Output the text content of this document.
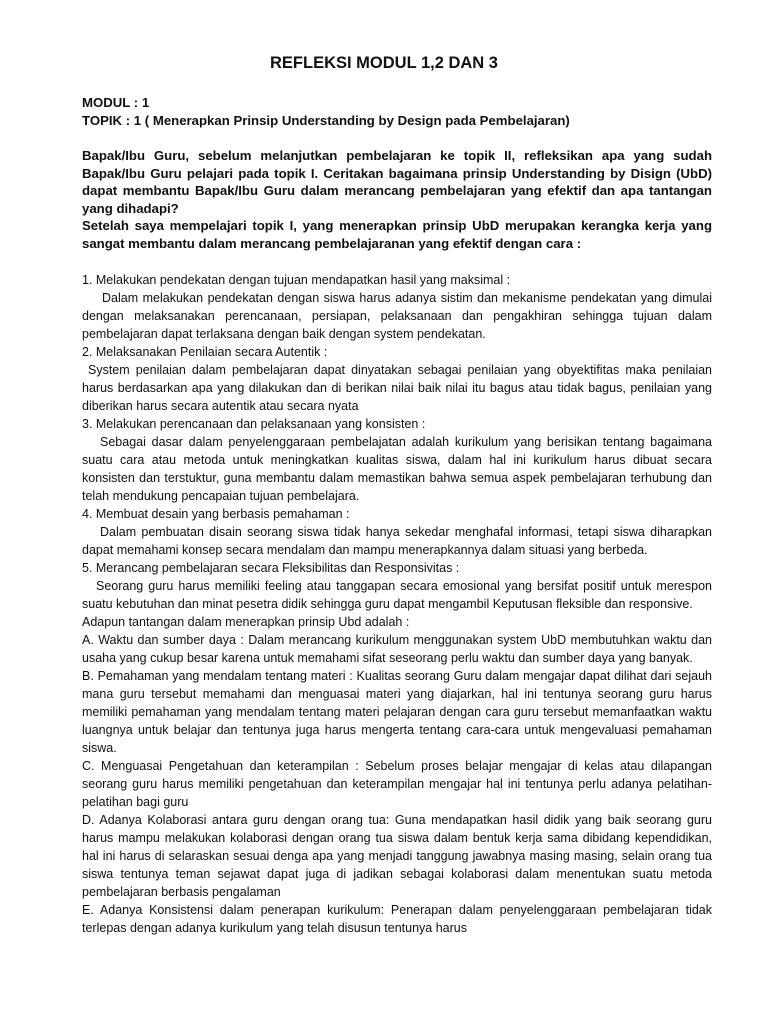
REFLEKSI MODUL 1,2 DAN 3
MODUL : 1
TOPIK : 1 ( Menerapkan Prinsip Understanding by Design pada Pembelajaran)

Bapak/Ibu Guru, sebelum melanjutkan pembelajaran ke topik II, refleksikan apa yang sudah Bapak/Ibu Guru pelajari pada topik I. Ceritakan bagaimana prinsip Understanding by Disign (UbD) dapat membantu Bapak/Ibu Guru dalam merancang pembelajaran yang efektif dan apa tantangan yang dihadapi?

Setelah saya mempelajari topik I, yang menerapkan prinsip UbD merupakan kerangka kerja yang sangat membantu dalam merancang pembelajaranan yang efektif dengan cara :

1. Melakukan pendekatan dengan tujuan mendapatkan hasil yang maksimal :

Dalam melakukan pendekatan dengan siswa harus adanya sistim dan mekanisme pendekatan yang dimulai dengan melaksanakan perencanaan, persiapan, pelaksanaan dan pengakhiran sehingga tujuan dalam pembelajaran dapat terlaksana dengan baik dengan system pendekatan.

2. Melaksanakan Penilaian secara Autentik :

System penilaian dalam pembelajaran dapat dinyatakan sebagai penilaian yang obyektifitas maka penilaian harus berdasarkan apa yang dilakukan dan di berikan nilai baik nilai itu bagus atau tidak bagus, penilaian yang diberikan harus secara autentik atau secara nyata

3. Melakukan perencanaan dan pelaksanaan yang konsisten :

Sebagai dasar dalam penyelenggaraan pembelajatan adalah kurikulum yang berisikan tentang bagaimana suatu cara atau metoda untuk meningkatkan kualitas siswa, dalam hal ini kurikulum harus dibuat secara konsisten dan terstuktur, guna membantu dalam memastikan bahwa semua aspek pembelajaran terhubung dan telah mendukung pencapaian tujuan pembelajara.

4. Membuat desain yang berbasis pemahaman :

Dalam pembuatan disain seorang siswa tidak hanya sekedar menghafal informasi, tetapi siswa diharapkan dapat memahami konsep secara mendalam dan mampu menerapkannya dalam situasi yang berbeda.

5. Merancang pembelajaran secara Fleksibilitas dan Responsivitas :

Seorang guru harus memiliki feeling atau tanggapan secara emosional yang bersifat positif untuk merespon suatu kebutuhan dan minat pesetra didik sehingga guru dapat mengambil Keputusan fleksible dan responsive.

Adapun tantangan dalam menerapkan prinsip Ubd adalah :

A. Waktu dan sumber daya : Dalam merancang kurikulum menggunakan system UbD membutuhkan waktu dan usaha yang cukup besar karena untuk memahami sifat seseorang perlu waktu dan sumber daya yang banyak.

B. Pemahaman yang mendalam tentang materi : Kualitas seorang Guru dalam mengajar dapat dilihat dari sejauh mana guru tersebut memahami dan menguasai materi yang diajarkan, hal ini tentunya seorang guru harus memiliki pemahaman yang mendalam tentang materi pelajaran dengan cara guru tersebut memanfaatkan waktu luangnya untuk belajar dan tentunya juga harus mengerta tentang cara-cara untuk mengevaluasi pemahaman siswa.

C. Menguasai Pengetahuan dan keterampilan : Sebelum proses belajar mengajar di kelas atau dilapangan seorang guru harus memiliki pengetahuan dan keterampilan mengajar hal ini tentunya perlu adanya pelatihan-pelatihan bagi guru

D. Adanya Kolaborasi antara guru dengan orang tua: Guna mendapatkan hasil didik yang baik seorang guru harus mampu melakukan kolaborasi dengan orang tua siswa dalam bentuk kerja sama dibidang kependidikan, hal ini harus di selaraskan sesuai denga apa yang menjadi tanggung jawabnya masing masing, selain orang tua siswa tentunya teman sejawat dapat juga di jadikan sebagai kolaborasi dalam menentukan suatu metoda pembelajaran berbasis pengalaman

E. Adanya Konsistensi dalam penerapan kurikulum: Penerapan dalam penyelenggaraan pembelajaran tidak terlepas dengan adanya kurikulum yang telah disusun tentunya harus
